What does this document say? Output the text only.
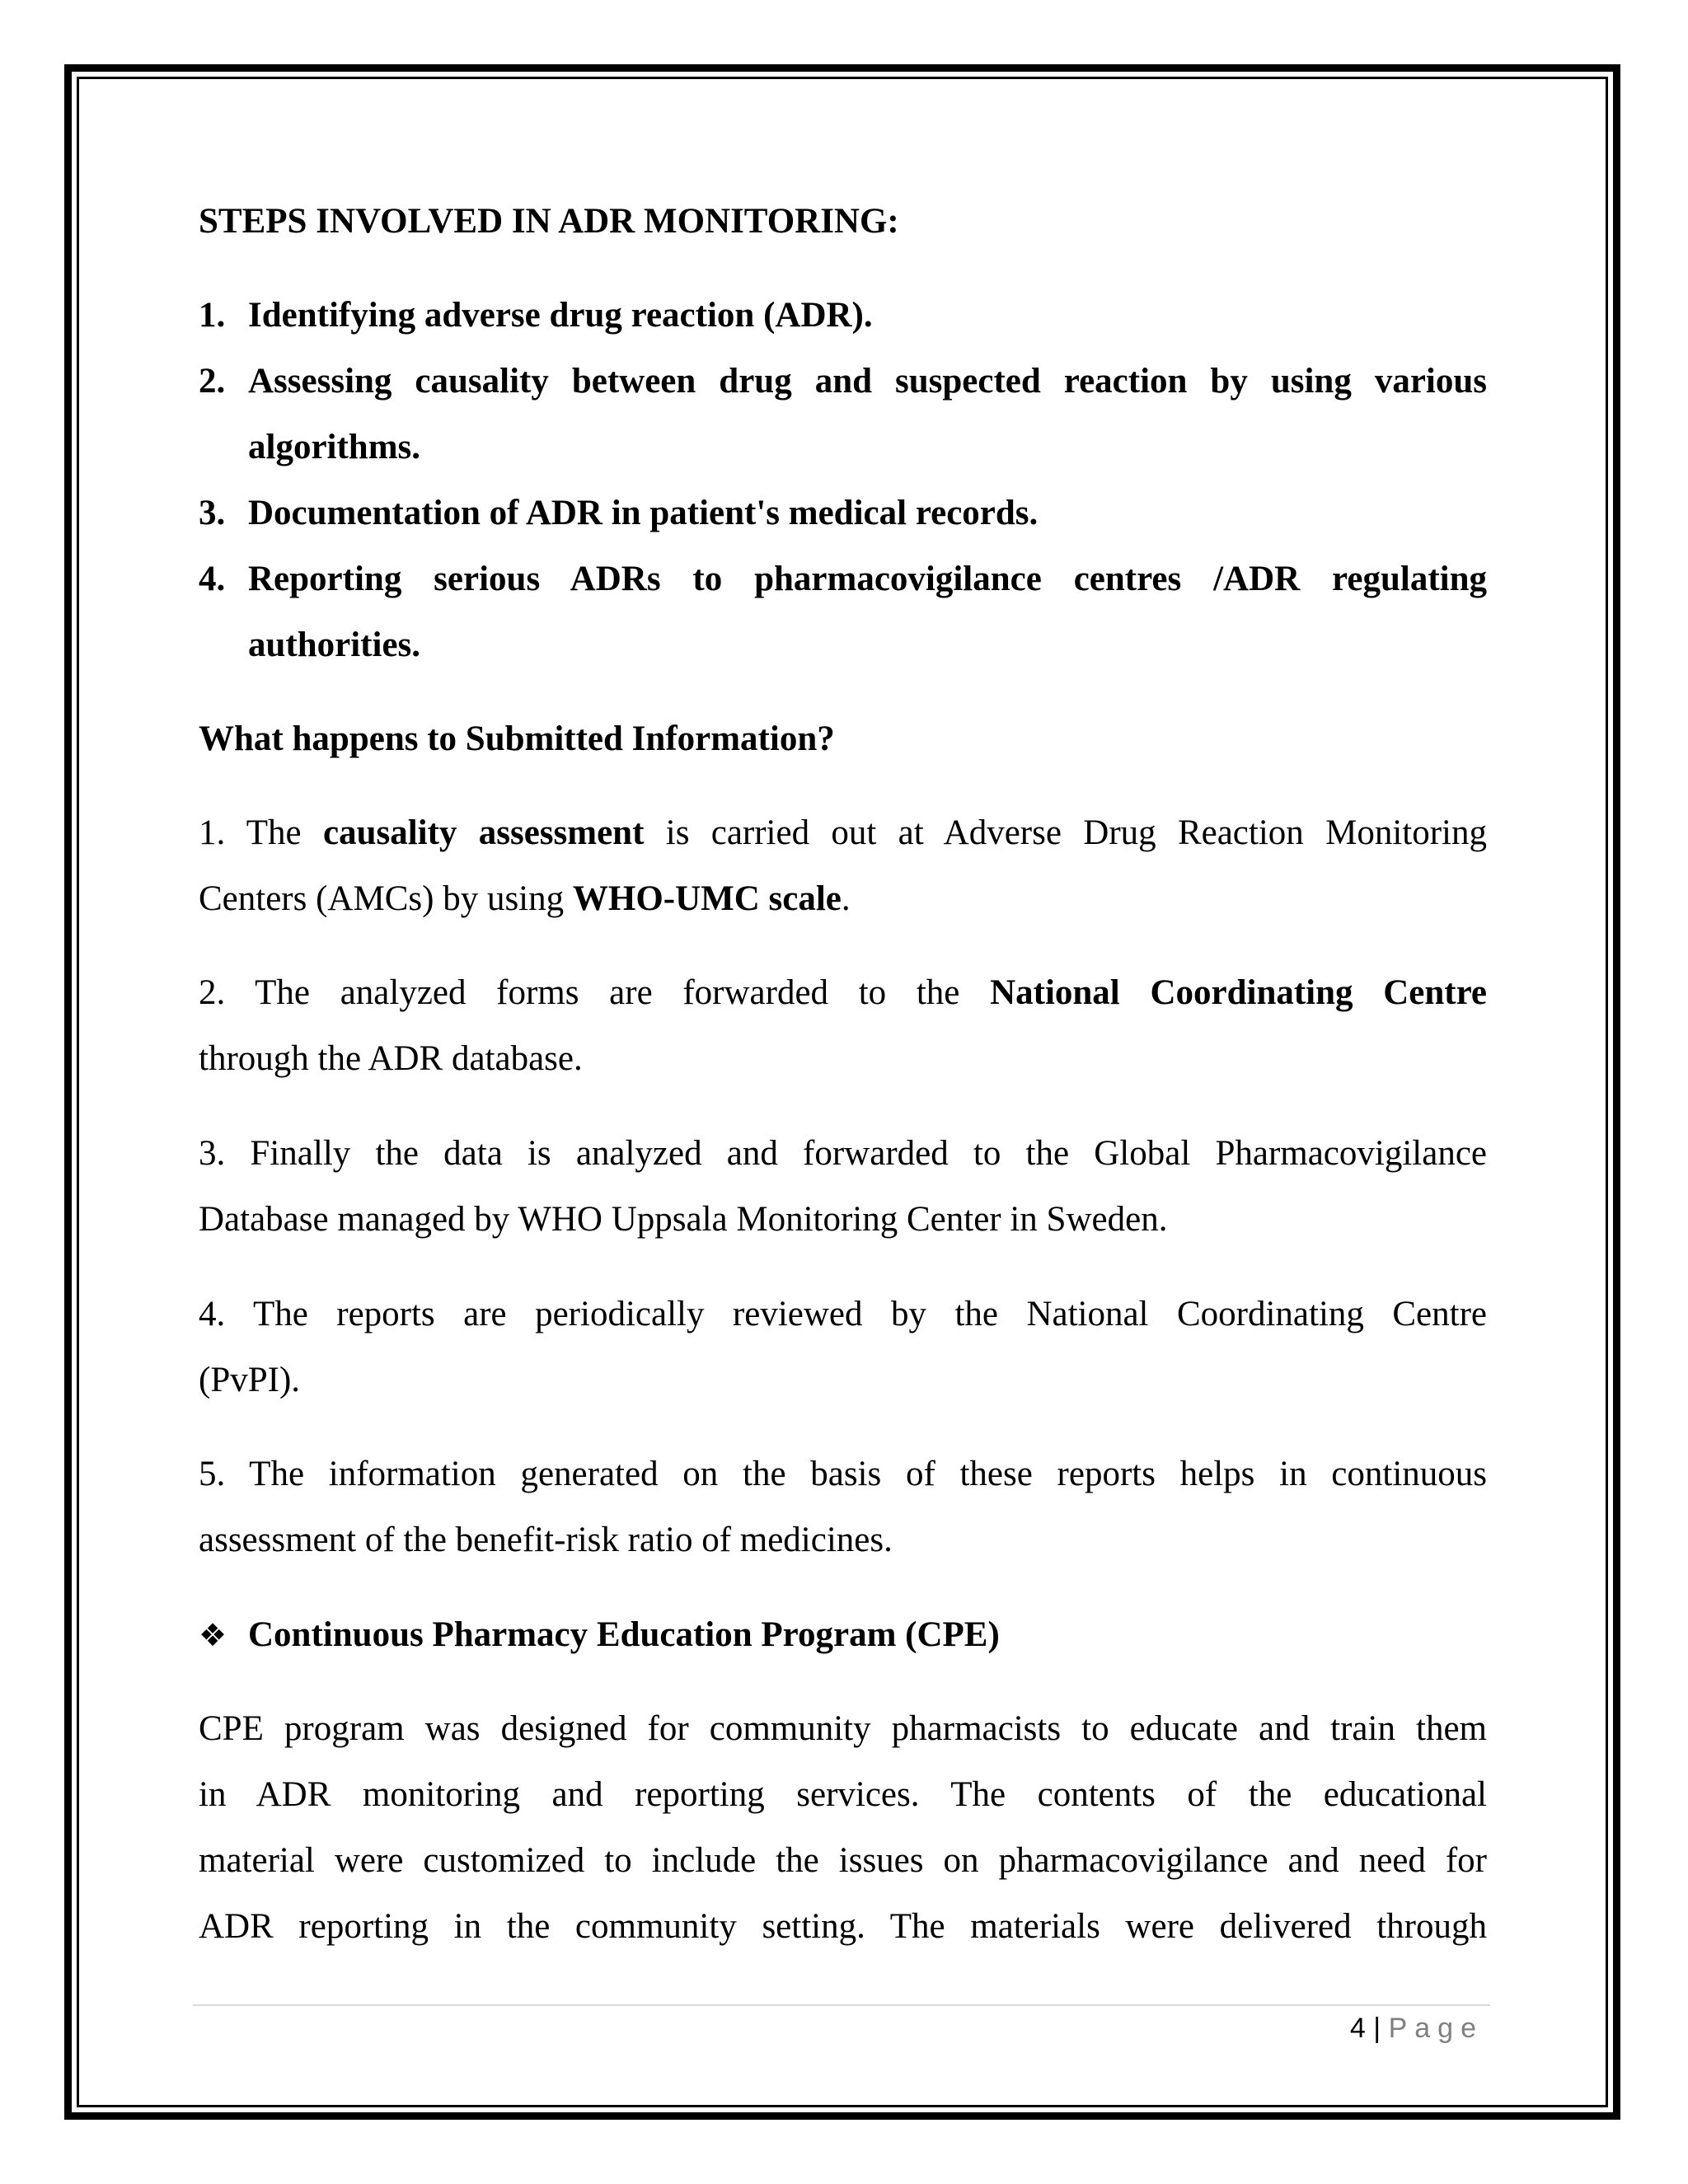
STEPS INVOLVED IN ADR MONITORING:

1. Identifying adverse drug reaction (ADR).
2. Assessing causality between drug and suspected reaction by using various
algorithms.
3. Documentation of ADR in patient's medical records.
4. Reporting serious ADRs to pharmacovigilance centres /ADR regulating
authorities.

What happens to Submitted Information?

1. The causality assessment is carried out at Adverse Drug Reaction Monitoring
Centers (AMCs) by using WHO-UMC scale.
2. The analyzed forms are forwarded to the National Coordinating Centre
through the ADR database.
3. Finally the data is analyzed and forwarded to the Global Pharmacovigilance
Database managed by WHO Uppsala Monitoring Center in Sweden.
4. The reports are periodically reviewed by the National Coordinating Centre
(PvPI).
5. The information generated on the basis of these reports helps in continuous
assessment of the benefit-risk ratio of medicines.
❖ Continuous Pharmacy Education Program (CPE)
CPE program was designed for community pharmacists to educate and train them
in ADR monitoring and reporting services. The contents of the educational
material were customized to include the issues on pharmacovigilance and need for
ADR reporting in the community setting. The materials were delivered through
4 | Page
